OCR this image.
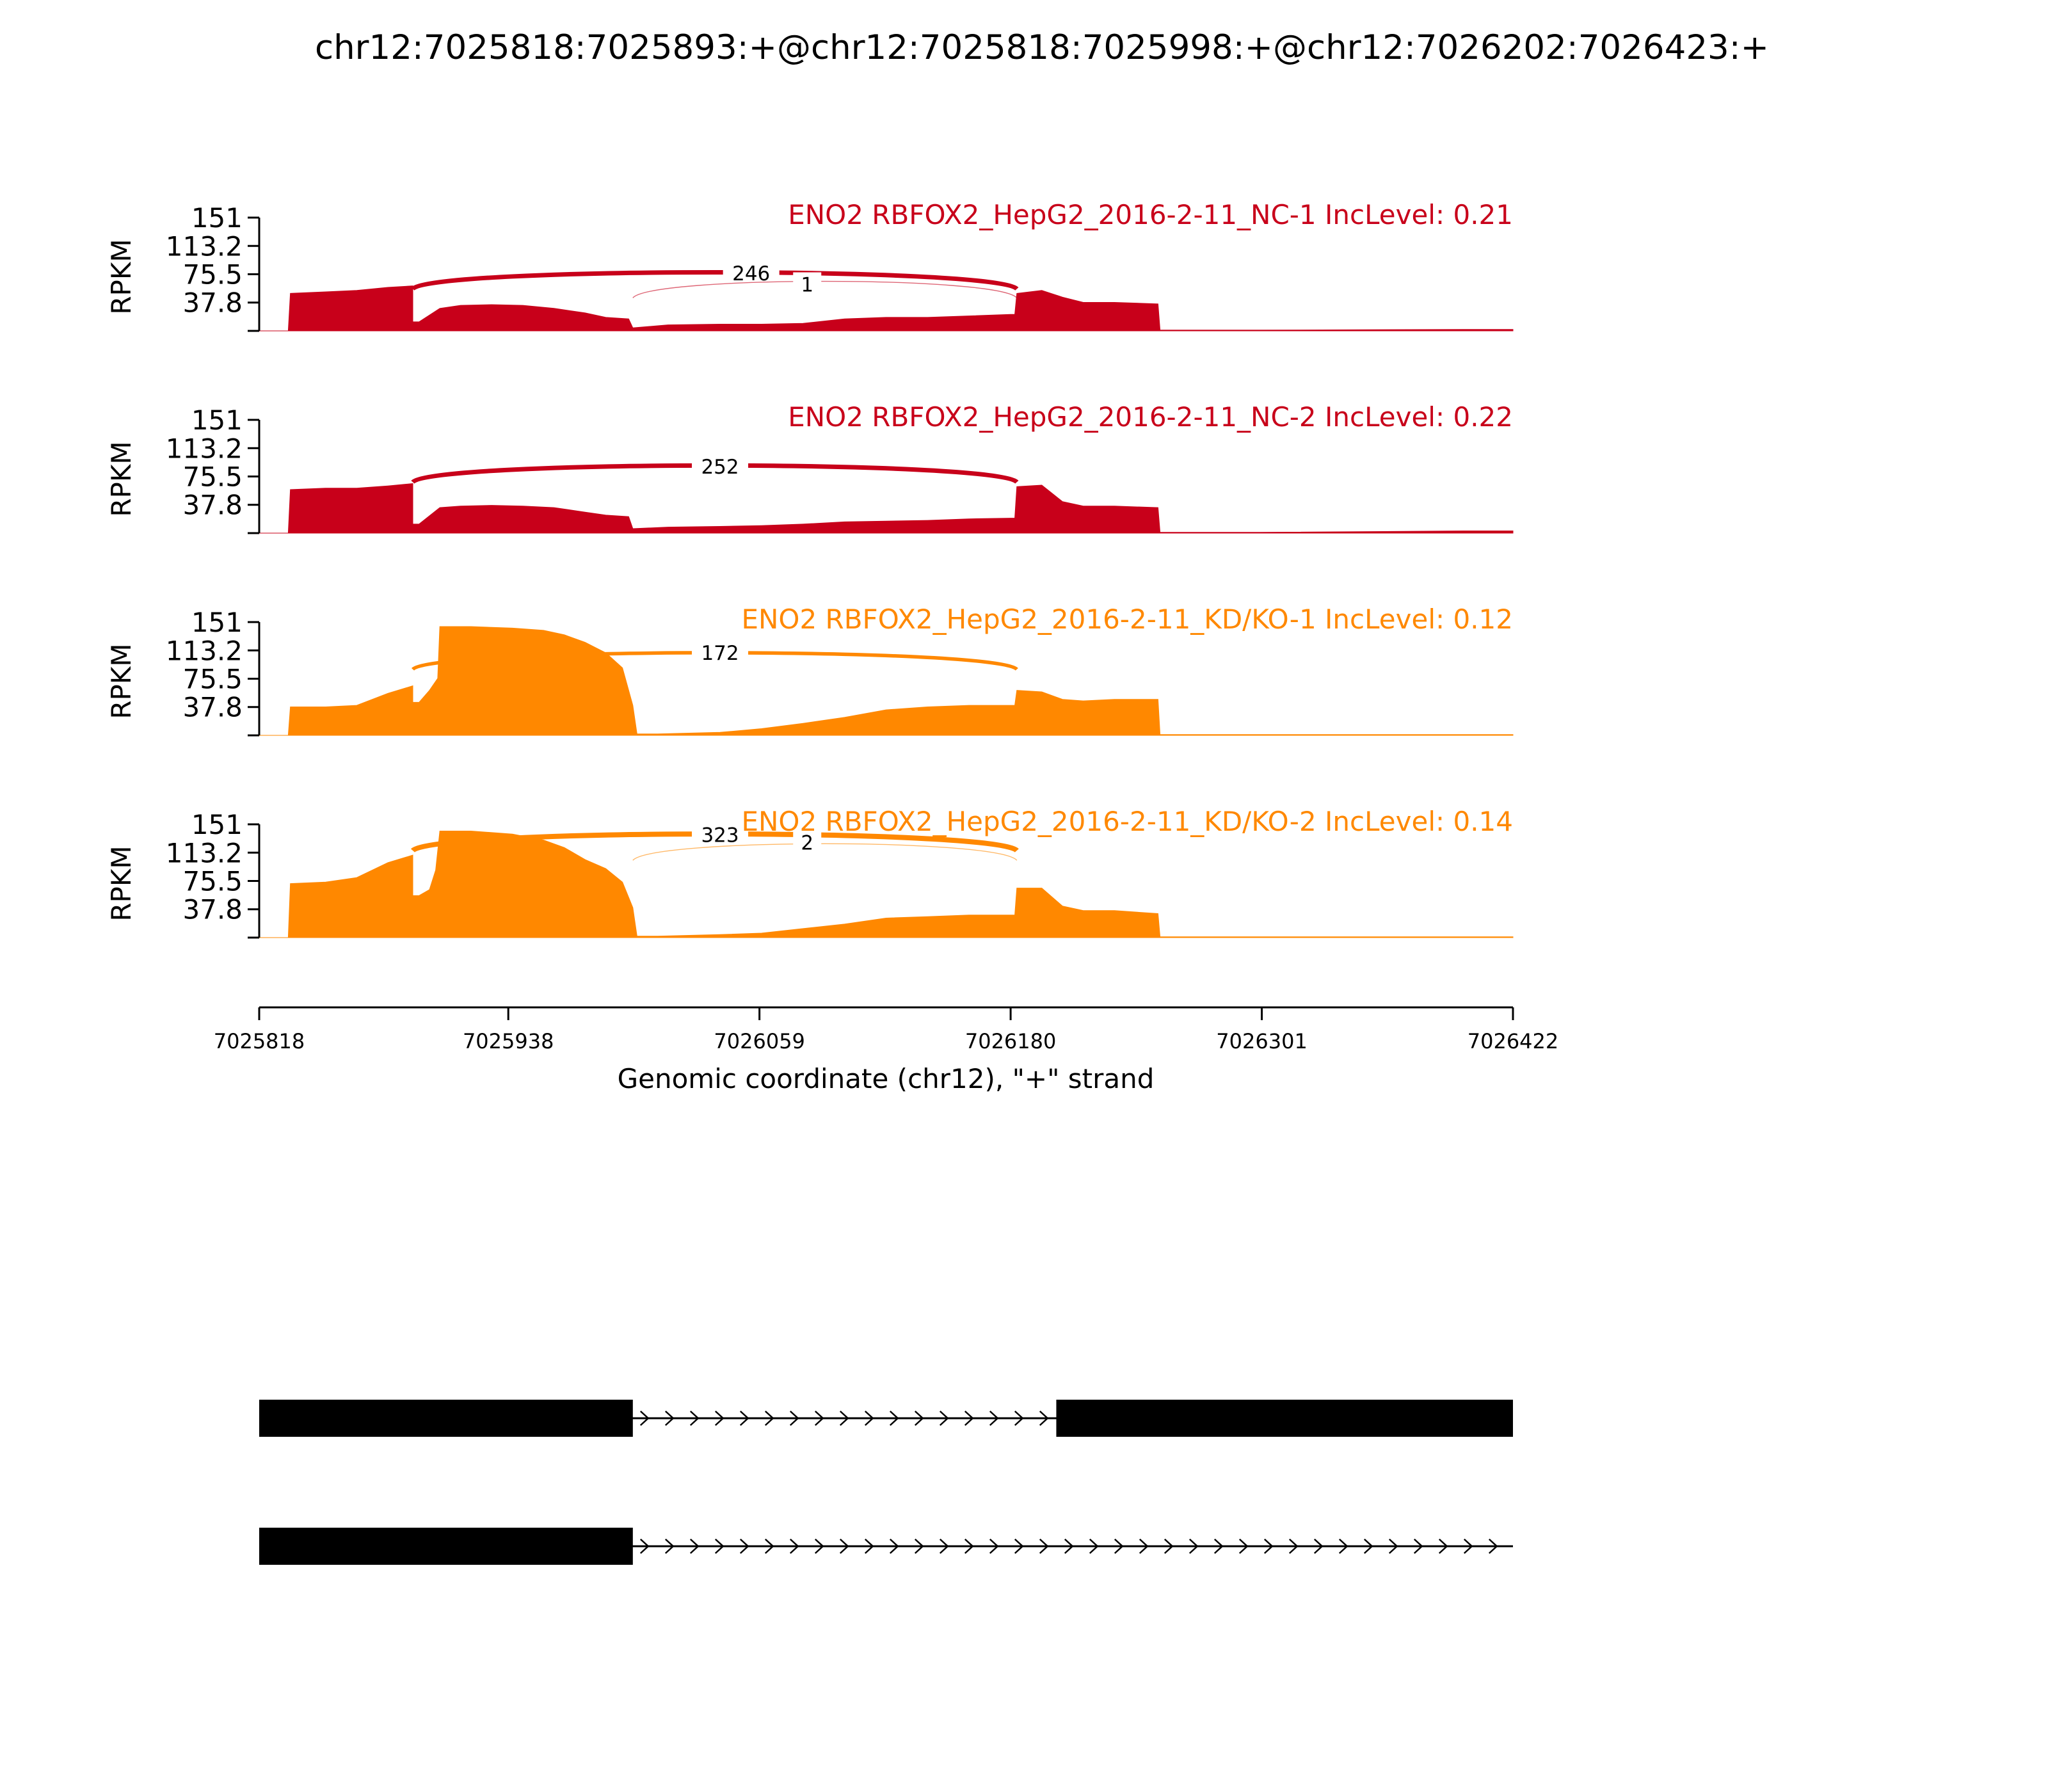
chr12:7025818:7025893:+@chr12:7025818:7025998:+@chr12:7026202:7026423:+
246 1
151
113.2
75.5
37.8
RPKM
ENO2 RBFOX2_HepG2_2016-2-11_NC-1 IncLevel: 0.21
252
151
113.2
75.5
37.8
RPKM
ENO2 RBFOX2_HepG2_2016-2-11_NC-2 IncLevel: 0.22
172
151
113.2
75.5
37.8
RPKM
ENO2 RBFOX2_HepG2_2016-2-11_KD/KO-1 IncLevel: 0.12
323	2
151
113.2
75.5
37.8
RPKM
ENO2 RBFOX2_HepG2_2016-2-11_KD/KO-2 IncLevel: 0.14
7025818	7025938	7026059	7026180	7026301	7026422
Genomic coordinate (chr12), "+" strand
